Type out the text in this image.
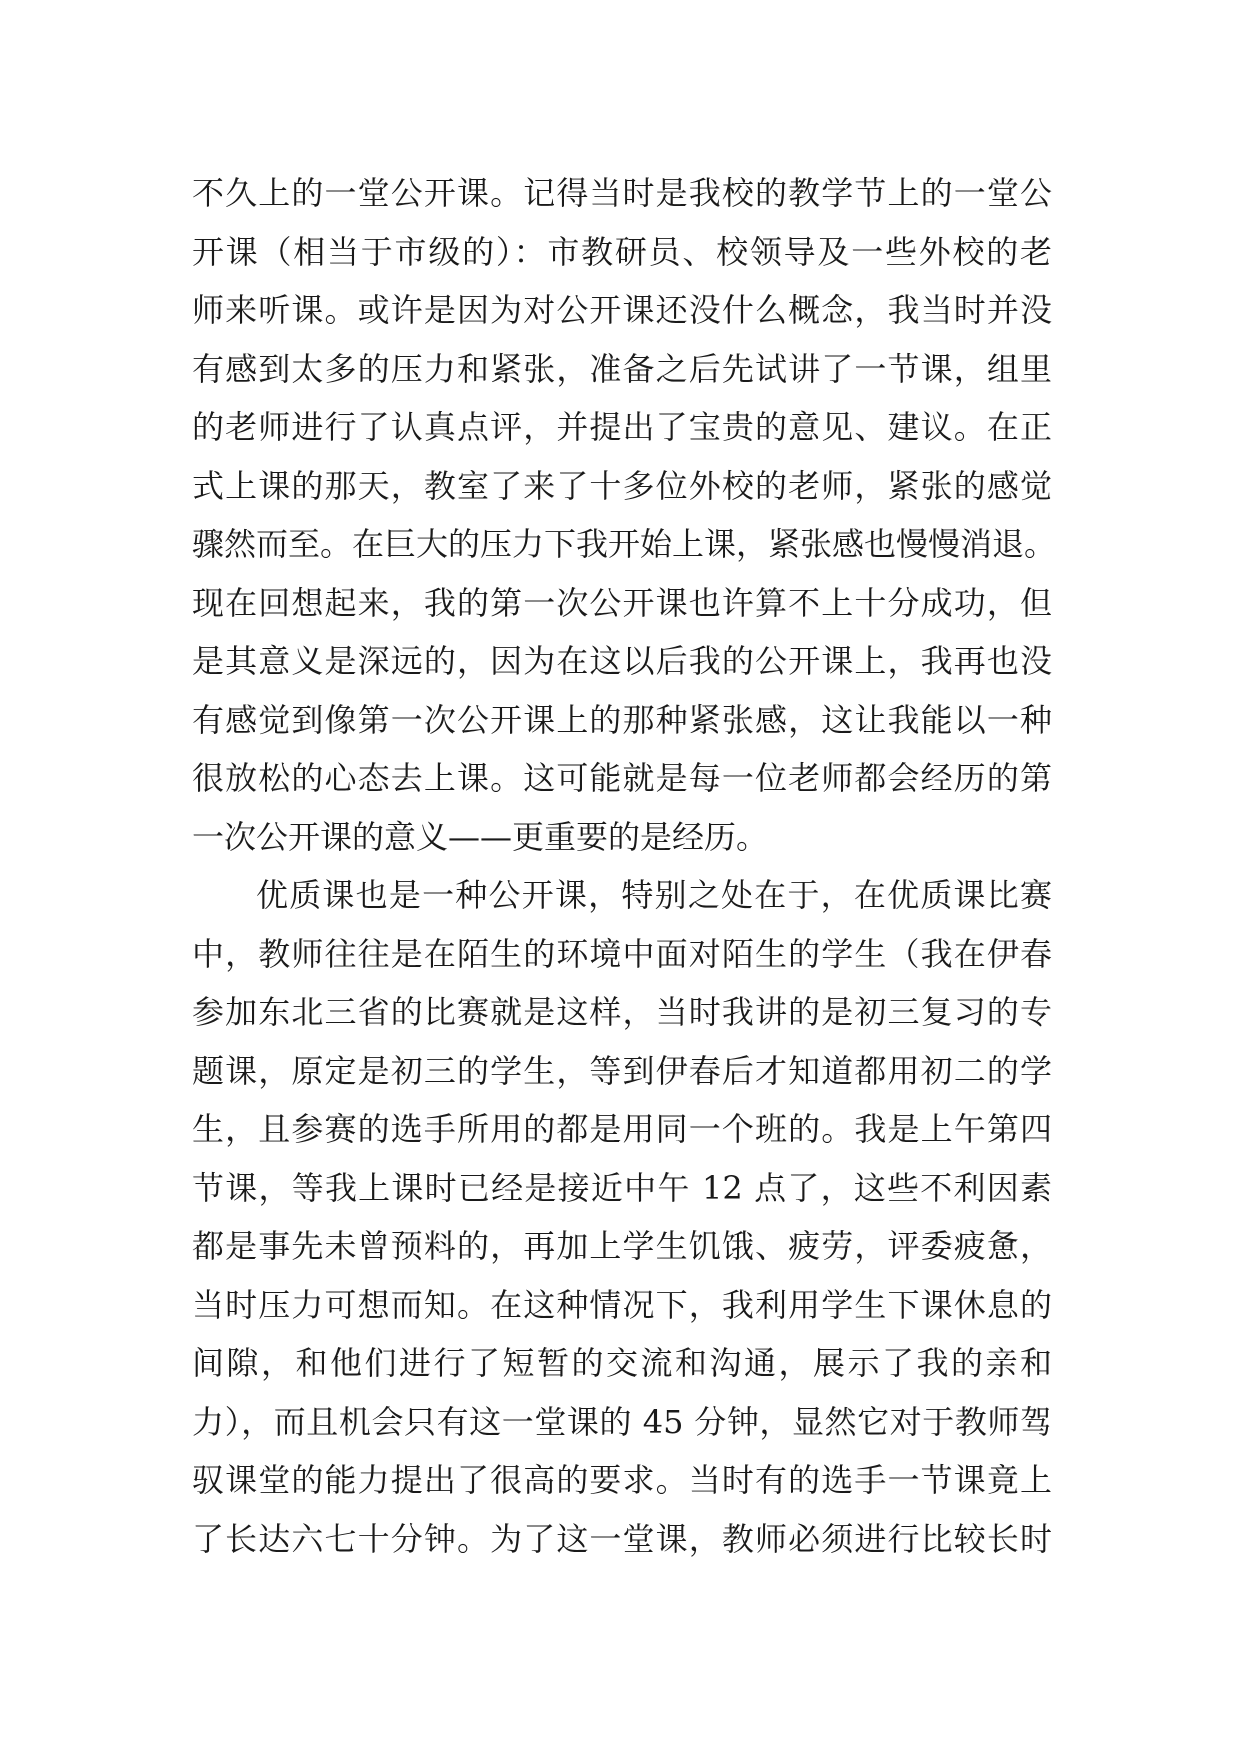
不久上的一堂公开课。记得当时是我校的教学节上的一堂公
开课（相当于市级的）：市教研员、校领导及一些外校的老
师来听课。或许是因为对公开课还没什么概念，我当时并没
有感到太多的压力和紧张，准备之后先试讲了一节课，组里
的老师进行了认真点评，并提出了宝贵的意见、建议。在正
式上课的那天，教室了来了十多位外校的老师，紧张的感觉
骤然而至。在巨大的压力下我开始上课，紧张感也慢慢消退。
现在回想起来，我的第一次公开课也许算不上十分成功，但
是其意义是深远的，因为在这以后我的公开课上，我再也没
有感觉到像第一次公开课上的那种紧张感，这让我能以一种
很放松的心态去上课。这可能就是每一位老师都会经历的第
一次公开课的意义——更重要的是经历。
优质课也是一种公开课，特别之处在于，在优质课比赛
中，教师往往是在陌生的环境中面对陌生的学生（我在伊春
参加东北三省的比赛就是这样，当时我讲的是初三复习的专
题课，原定是初三的学生，等到伊春后才知道都用初二的学
生，且参赛的选手所用的都是用同一个班的。我是上午第四
节课，等我上课时已经是接近中午 12 点了，这些不利因素
都是事先未曾预料的，再加上学生饥饿、疲劳，评委疲惫，
当时压力可想而知。在这种情况下，我利用学生下课休息的
间隙，和他们进行了短暂的交流和沟通，展示了我的亲和
力），而且机会只有这一堂课的 45 分钟，显然它对于教师驾
驭课堂的能力提出了很高的要求。当时有的选手一节课竟上
了长达六七十分钟。为了这一堂课，教师必须进行比较长时
